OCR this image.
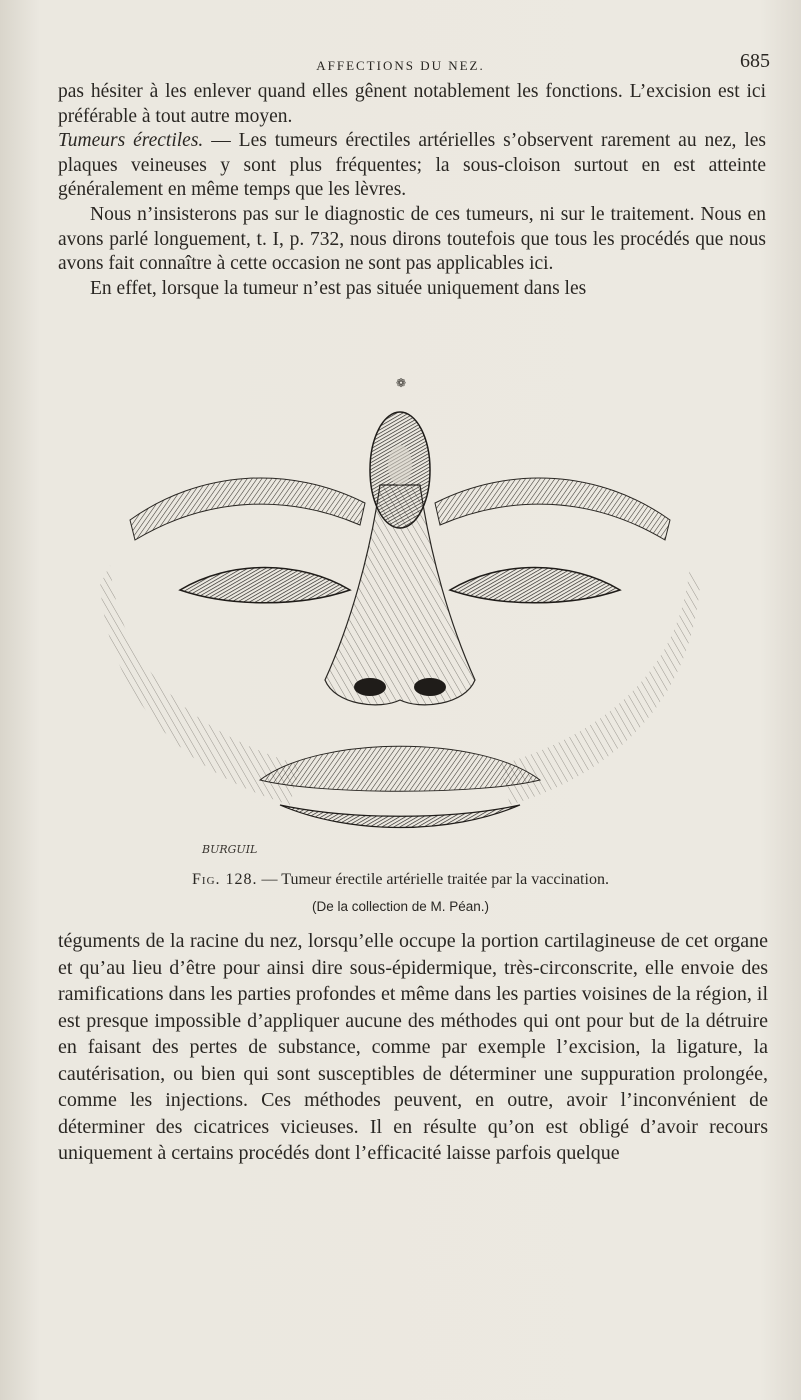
AFFECTIONS DU NEZ.	685

pas hésiter à les enlever quand elles gênent notablement les fonctions. L’excision est ici préférable à tout autre moyen.

Tumeurs érectiles. — Les tumeurs érectiles artérielles s’observent rarement au nez, les plaques veineuses y sont plus fréquentes; la sous-cloison surtout en est atteinte généralement en même temps que les lèvres.

Nous n’insisterons pas sur le diagnostic de ces tumeurs, ni sur le traitement. Nous en avons parlé longuement, t. I, p. 732, nous dirons toutefois que tous les procédés que nous avons fait connaître à cette occasion ne sont pas applicables ici.

En effet, lorsque la tumeur n’est pas située uniquement dans les

❁
BURGUIL
Fig. 128. — Tumeur érectile artérielle traitée par la vaccination.
(De la collection de M. Péan.)

téguments de la racine du nez, lorsqu’elle occupe la portion cartilagineuse de cet organe et qu’au lieu d’être pour ainsi dire sous-épidermique, très-circonscrite, elle envoie des ramifications dans les parties profondes et même dans les parties voisines de la région, il est presque impossible d’appliquer aucune des méthodes qui ont pour but de la détruire en faisant des pertes de substance, comme par exemple l’excision, la ligature, la cautérisation, ou bien qui sont susceptibles de déterminer une suppuration prolongée, comme les injections. Ces méthodes peuvent, en outre, avoir l’inconvénient de déterminer des cicatrices vicieuses. Il en résulte qu’on est obligé d’avoir recours uniquement à certains procédés dont l’efficacité laisse parfois quelque
